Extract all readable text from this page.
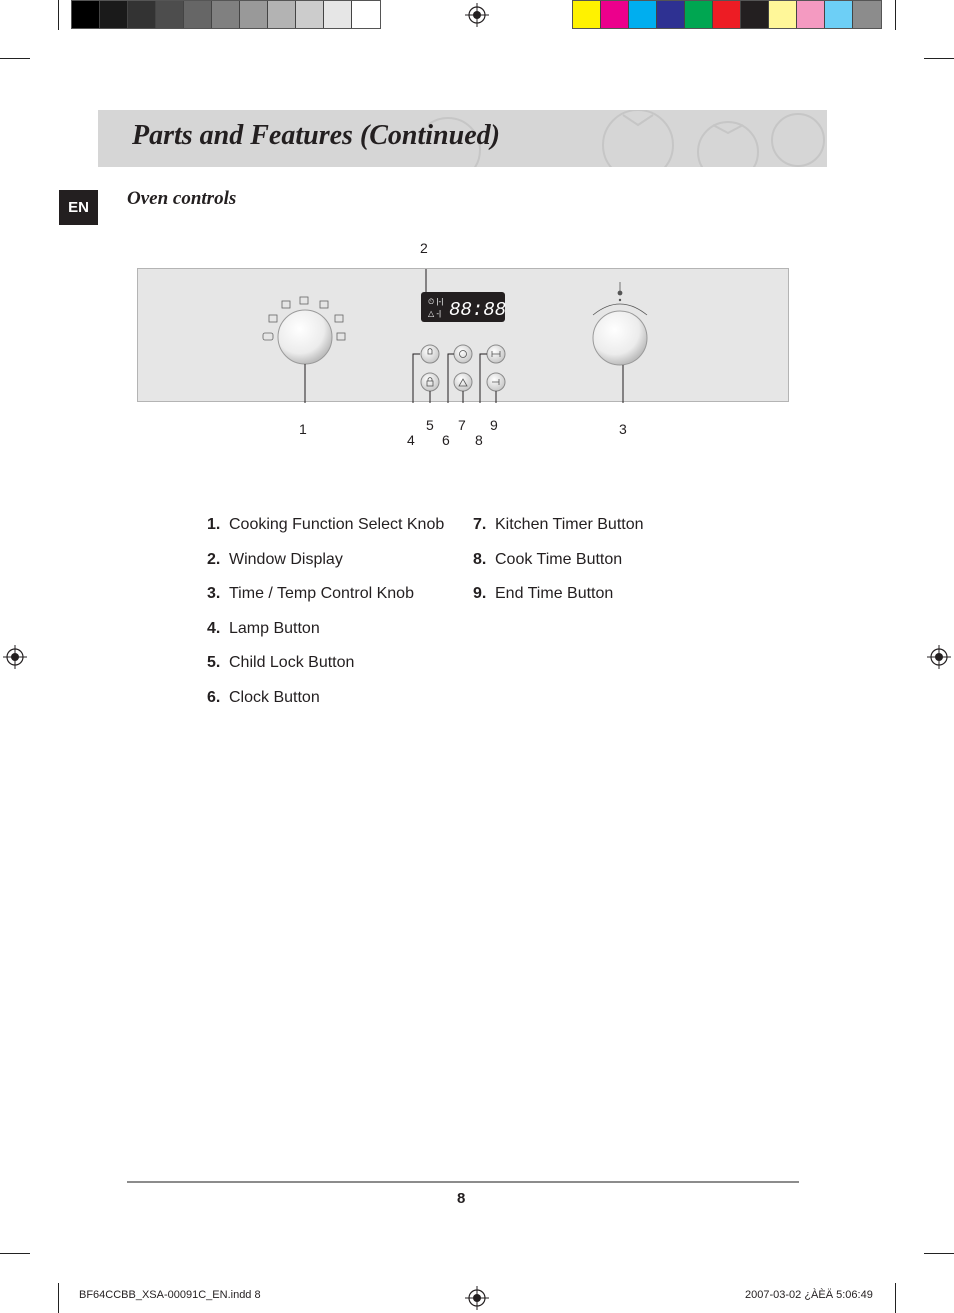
Parts and Features (Continued)
EN	Oven controls
⏲ |-|
△ -| 88:88
1
2
3
4
5
6
7
8
9
1. Cooking Function Select Knob
2. Window Display
3. Time / Temp Control Knob
4. Lamp Button
5. Child Lock Button
6. Clock Button
7. Kitchen Timer Button
8. Cook Time Button
9. End Time Button
8
BF64CCBB_XSA-00091C_EN.indd 8	2007-03-02 ¿ÀÈÄ 5:06:49
